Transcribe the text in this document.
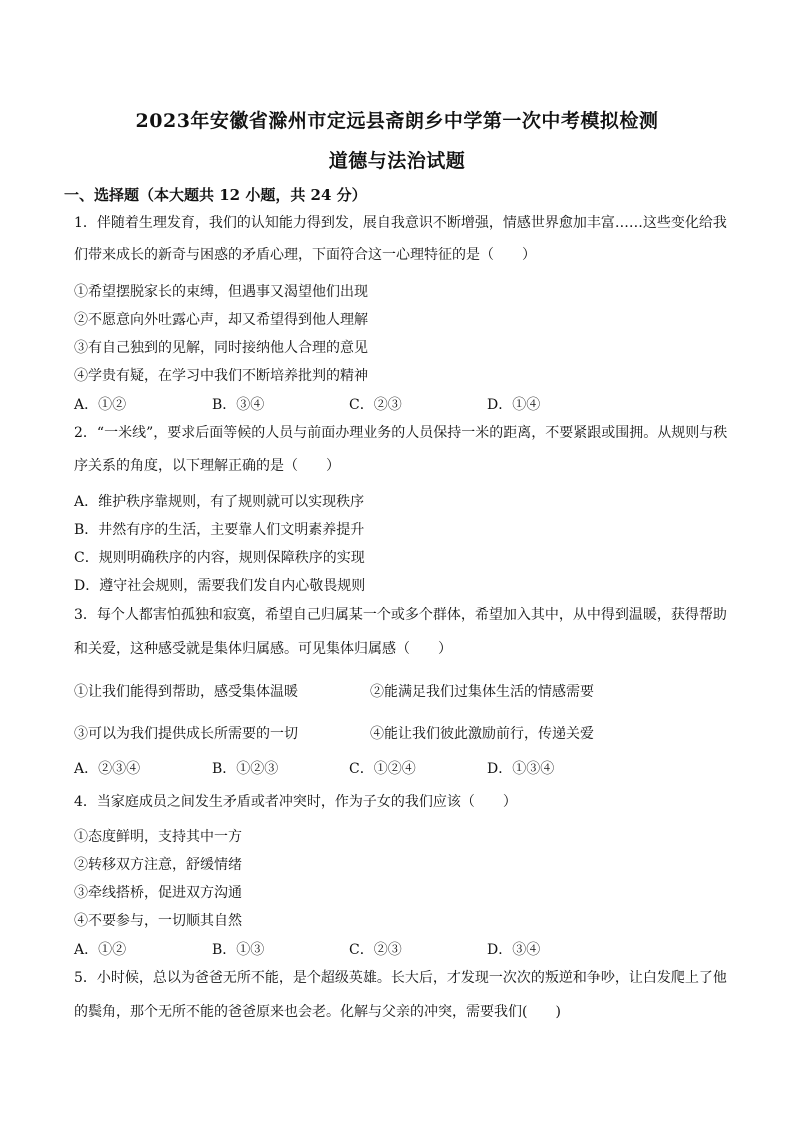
2023年安徽省滁州市定远县斋朗乡中学第一次中考模拟检测
道德与法治试题
一、选择题（本大题共 12 小题，共 24 分）
1．伴随着生理发育，我们的认知能力得到发，展自我意识不断增强，情感世界愈加丰富……这些变化给我
们带来成长的新奇与困惑的矛盾心理，下面符合这一心理特征的是（　　）
①希望摆脱家长的束缚，但遇事又渴望他们出现
②不愿意向外吐露心声，却又希望得到他人理解
③有自己独到的见解，同时接纳他人合理的意见
④学贵有疑，在学习中我们不断培养批判的精神
A．①②	B．③④	C．②③	D．①④
2．“一米线”，要求后面等候的人员与前面办理业务的人员保持一米的距离，不要紧跟或围拥。从规则与秩
序关系的角度，以下理解正确的是（　　）
A．维护秩序靠规则，有了规则就可以实现秩序
B．井然有序的生活，主要靠人们文明素养提升
C．规则明确秩序的内容，规则保障秩序的实现
D．遵守社会规则，需要我们发自内心敬畏规则
3．每个人都害怕孤独和寂寞，希望自己归属某一个或多个群体，希望加入其中，从中得到温暖，获得帮助
和关爱，这种感受就是集体归属感。可见集体归属感（　　）
①让我们能得到帮助，感受集体温暖	②能满足我们过集体生活的情感需要
③可以为我们提供成长所需要的一切	④能让我们彼此激励前行，传递关爱
A．②③④	B．①②③	C．①②④	D．①③④
4．当家庭成员之间发生矛盾或者冲突时，作为子女的我们应该（　　）
①态度鲜明，支持其中一方
②转移双方注意，舒缓情绪
③牵线搭桥，促进双方沟通
④不要参与，一切顺其自然
A．①②	B．①③	C．②③	D．③④
5．小时候，总以为爸爸无所不能，是个超级英雄。长大后，才发现一次次的叛逆和争吵，让白发爬上了他
的鬓角，那个无所不能的爸爸原来也会老。化解与父亲的冲突，需要我们(　　)
